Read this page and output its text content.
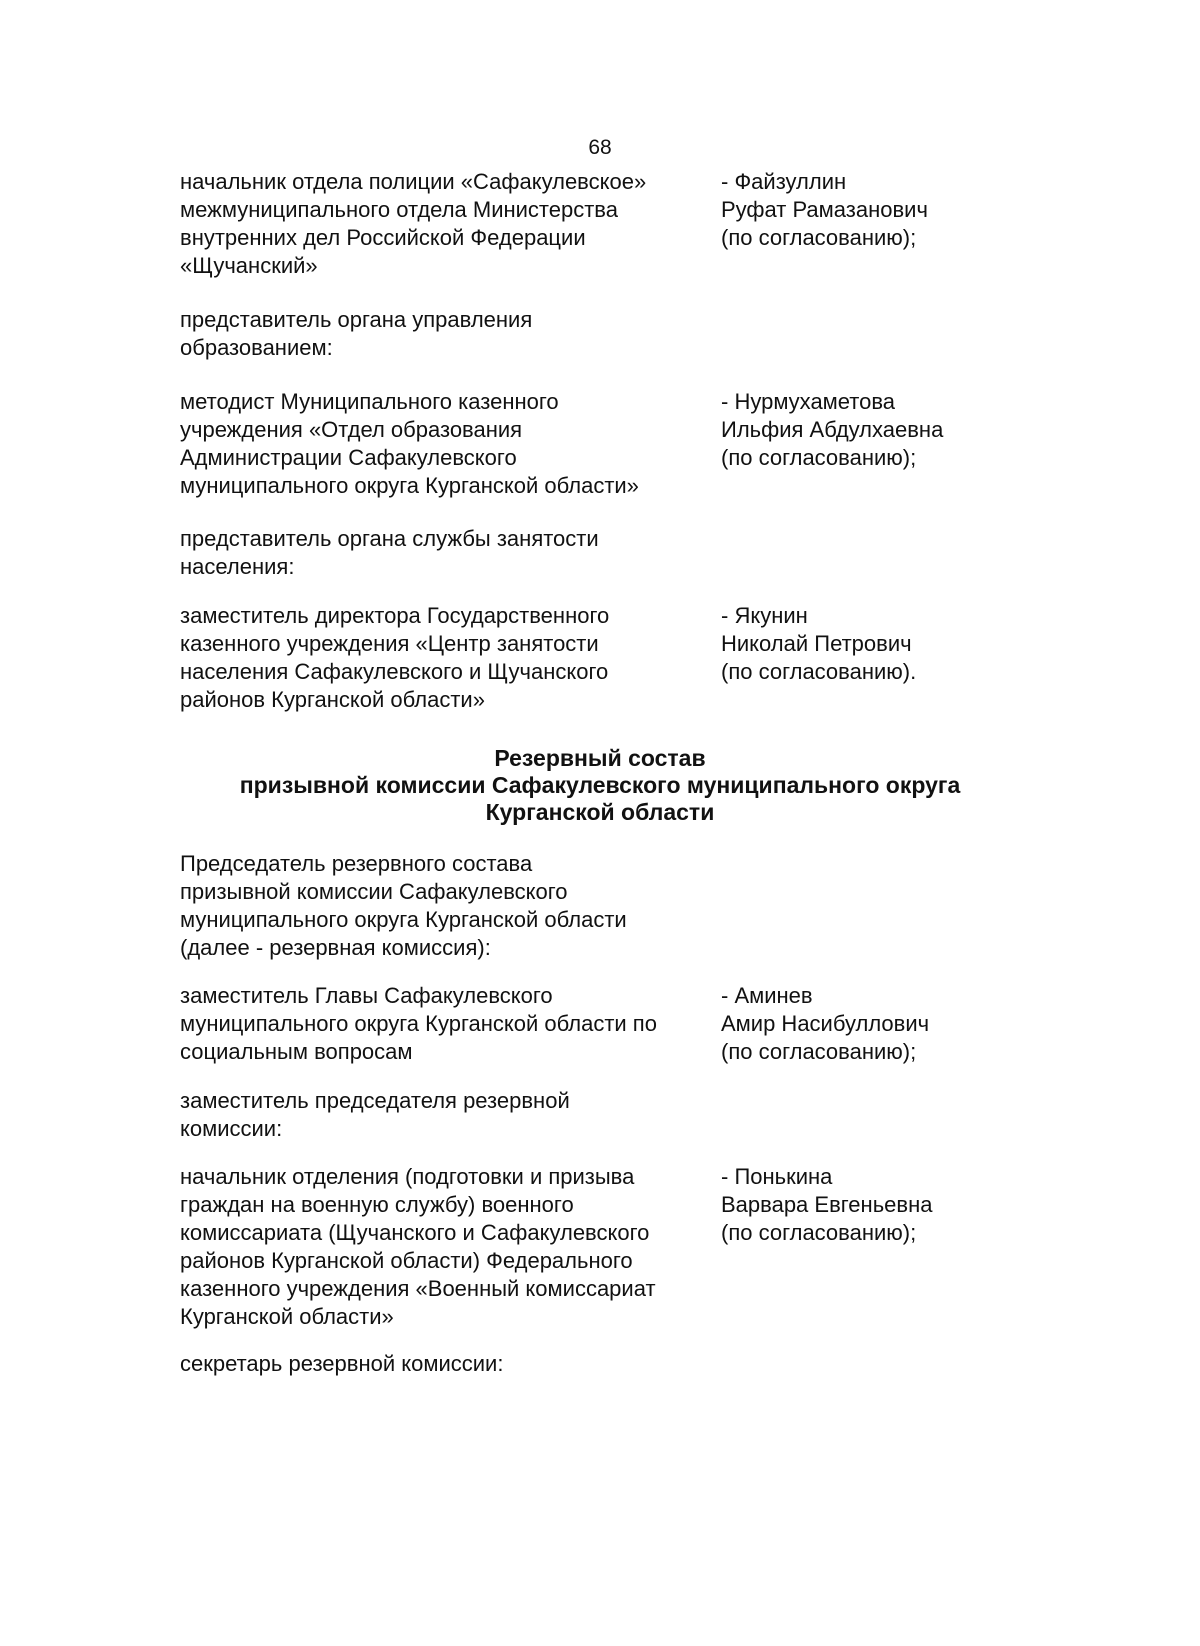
68
начальник отдела полиции «Сафакулевское»
межмуниципального отдела Министерства
внутренних дел Российской Федерации
«Щучанский»
- Файзуллин
Руфат Рамазанович
(по согласованию);
представитель органа управления
образованием:
методист Муниципального казенного
учреждения «Отдел образования
Администрации Сафакулевского
муниципального округа Курганской области»
- Нурмухаметова
Ильфия Абдулхаевна
(по согласованию);
представитель органа службы занятости
населения:
заместитель директора Государственного
казенного учреждения «Центр занятости
населения Сафакулевского и Щучанского
районов Курганской области»
- Якунин
Николай Петрович
(по согласованию).
Резервный состав
призывной комиссии Сафакулевского муниципального округа
Курганской области
Председатель резервного состава
призывной комиссии Сафакулевского
муниципального округа Курганской области
(далее - резервная комиссия):
заместитель Главы Сафакулевского
муниципального округа Курганской области по
социальным вопросам
- Аминев
Амир Насибуллович
(по согласованию);
заместитель председателя резервной
комиссии:
начальник отделения (подготовки и призыва
граждан на военную службу) военного
комиссариата (Щучанского и Сафакулевского
районов Курганской области) Федерального
казенного учреждения «Военный комиссариат
Курганской области»
- Понькина
Варвара Евгеньевна
(по согласованию);
секретарь резервной комиссии:
